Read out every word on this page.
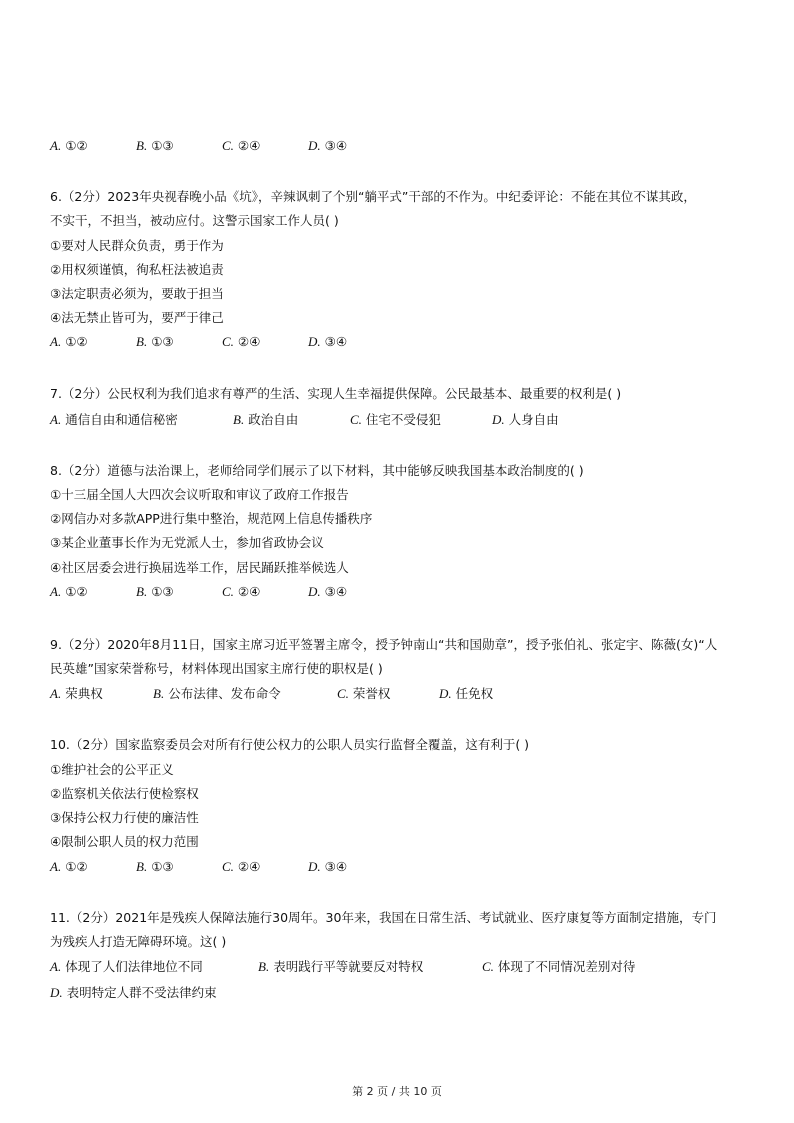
A. ①②	B. ①③	C. ②④	D. ③④
6.（2分）2023年央视春晚小品《坑》，辛辣讽刺了个别“躺平式”干部的不作为。中纪委评论：不能在其位不谋其政，
不实干，不担当，被动应付。这警示国家工作人员( )
①要对人民群众负责，勇于作为
②用权须谨慎，徇私枉法被追责
③法定职责必须为，要敢于担当
④法无禁止皆可为，要严于律己
A. ①②	B. ①③	C. ②④	D. ③④
7.（2分）公民权利为我们追求有尊严的生活、实现人生幸福提供保障。公民最基本、最重要的权利是( )
A. 通信自由和通信秘密	B. 政治自由	C. 住宅不受侵犯	D. 人身自由
8.（2分）道德与法治课上，老师给同学们展示了以下材料，其中能够反映我国基本政治制度的( )
①十三届全国人大四次会议听取和审议了政府工作报告
②网信办对多款APP进行集中整治，规范网上信息传播秩序
③某企业董事长作为无党派人士，参加省政协会议
④社区居委会进行换届选举工作，居民踊跃推举候选人
A. ①②	B. ①③	C. ②④	D. ③④
9.（2分）2020年8月11日，国家主席习近平签署主席令，授予钟南山“共和国勋章”，授予张伯礼、张定宇、陈薇(女)“人
民英雄”国家荣誉称号，材料体现出国家主席行使的职权是( )
A. 荣典权	B. 公布法律、发布命令	C. 荣誉权	D. 任免权
10.（2分）国家监察委员会对所有行使公权力的公职人员实行监督全覆盖，这有利于( )
①维护社会的公平正义
②监察机关依法行使检察权
③保持公权力行使的廉洁性
④限制公职人员的权力范围
A. ①②	B. ①③	C. ②④	D. ③④
11.（2分）2021年是残疾人保障法施行30周年。30年来，我国在日常生活、考试就业、医疗康复等方面制定措施，专门
为残疾人打造无障碍环境。这( )
A. 体现了人们法律地位不同	B. 表明践行平等就要反对特权	C. 体现了不同情况差别对待
D. 表明特定人群不受法律约束
第 2 页 / 共 10 页
